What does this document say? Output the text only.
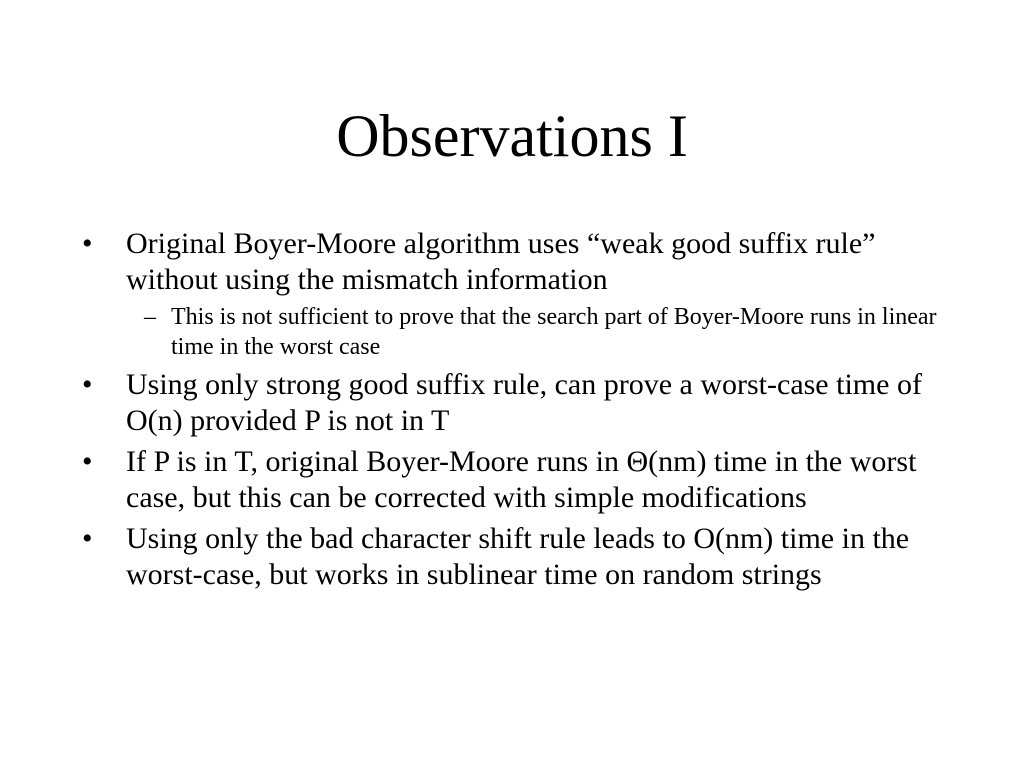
Observations I
•	Original Boyer-Moore algorithm uses “weak good suffix rule” without using the mismatch information
– This is not sufficient to prove that the search part of Boyer-Moore runs in linear time in the worst case
•	Using only strong good suffix rule, can prove a worst-case time of O(n) provided P is not in T
•	If P is in T, original Boyer-Moore runs in Θ(nm) time in the worst case, but this can be corrected with simple modifications
•	Using only the bad character shift rule leads to O(nm) time in the worst-case, but works in sublinear time on random strings
